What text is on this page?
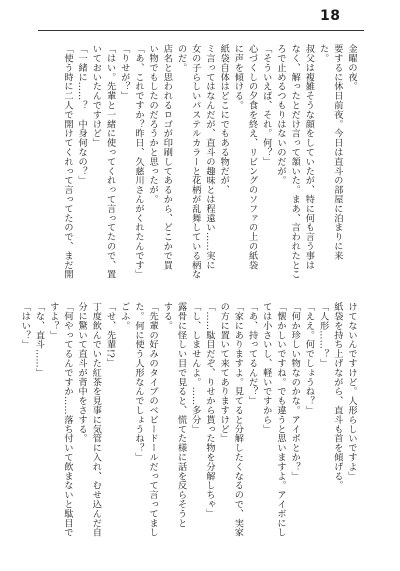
18
金曜の夜。
要するに休日前夜。今日は直斗の部屋に泊まりに来
た。
叔父は複雑そうな顔をしていたが、特に何も言う事は
なく、解ったとだけ言って頷いた。まあ、言われたとこ
ろで止めるつもりはないのだが。
「そういえば、それ。何？」
心づくしの夕食を終え、リビングのソファの上の紙袋
に声を傾ける。
紙袋自体はどこにでもある物だが、
ミ言ってはなんだが、直斗の趣味とは程遠い……実に
女の子らしいパステルカラーと花柄が乱舞している柄な
のだ。
店名と思われるロゴが印刷してあるから、どこかで買
い物でもしたのだろうかと思ったが。
「あ、これですか？昨日、久慈川さんがくれたんです」
「りせが？」
「はい。先輩と一緒に使ってくれって言ってたので、置
いておいたんですけど」
「一緒に……？　中身何なの？」
「使う時に二人で開けてくれって言ってたので、まだ開
けてないんですけど。人形らしいですよ」
紙袋を持ち上げながら、直斗も首を傾げる。
「人形……？」
「ええ。何でしょうね？」
「何か珍しい物なのかな。アイボとか？」
「懐かしいですね。でも違うと思いますよ。アイボにし
ては小さいし、軽いですから」
「あ、持ってるんだ？」
「家にありますよ。見てると分解したくなるので、実家
の方に置いて来てありますけど」
「……駄目だぞ、りせから貰った物を分解しちゃ」
「し、しませんよ。……多分」
露骨に怪しい目で見ると、慌てた様に話を反らそうと
する。
「先輩の好みのタイプのベビードールだって言ってまし
た。何に使う人形なんでしょうね？」
ごふ。
「せ、先輩!?」
丁度飲んでいた紅茶を見事に気管に入れ、むせ込んだ自
分に驚いて直斗が背中をさする。
「何やってるんですか……落ち付いて飲まないと駄目で
すよ？」
「な、直斗……」
「はい？」
